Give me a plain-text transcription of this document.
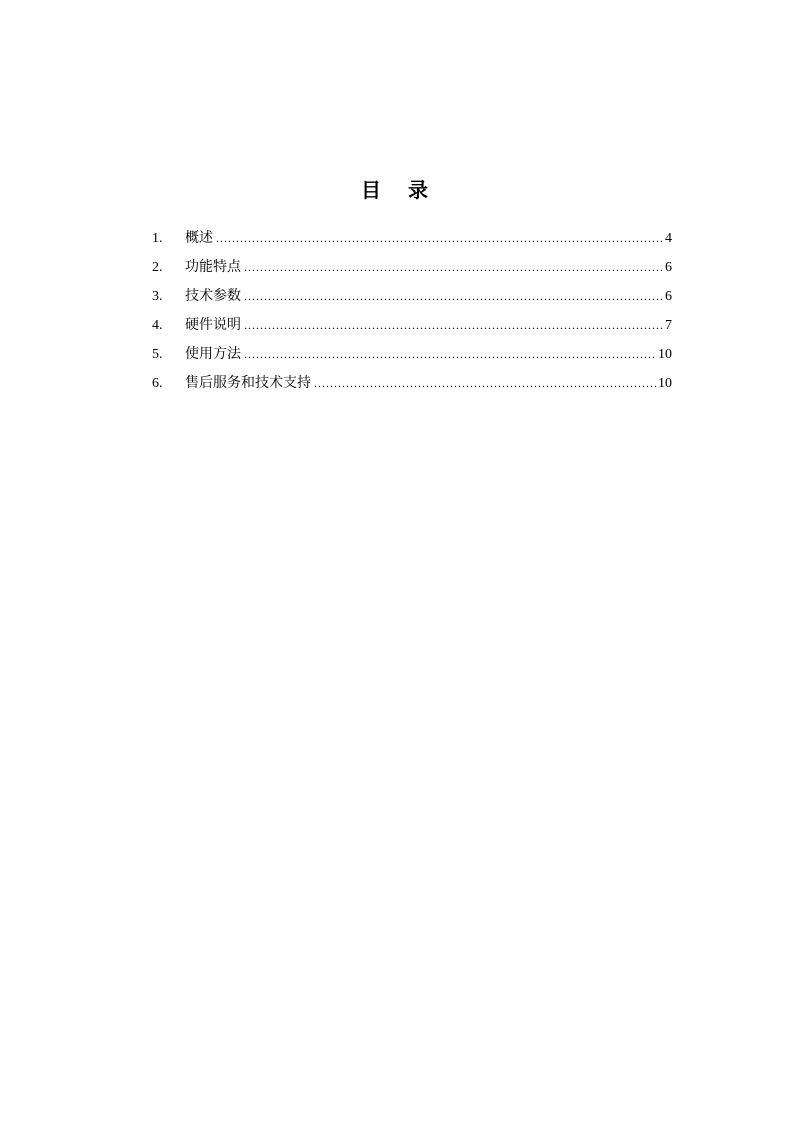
目 录
1.	概述 .....	4
2.	功能特点 .....	6
3.	技术参数 .....	6
4.	硬件说明 .....	7
5.	使用方法 .....	10
6.	售后服务和技术支持 .....	10
